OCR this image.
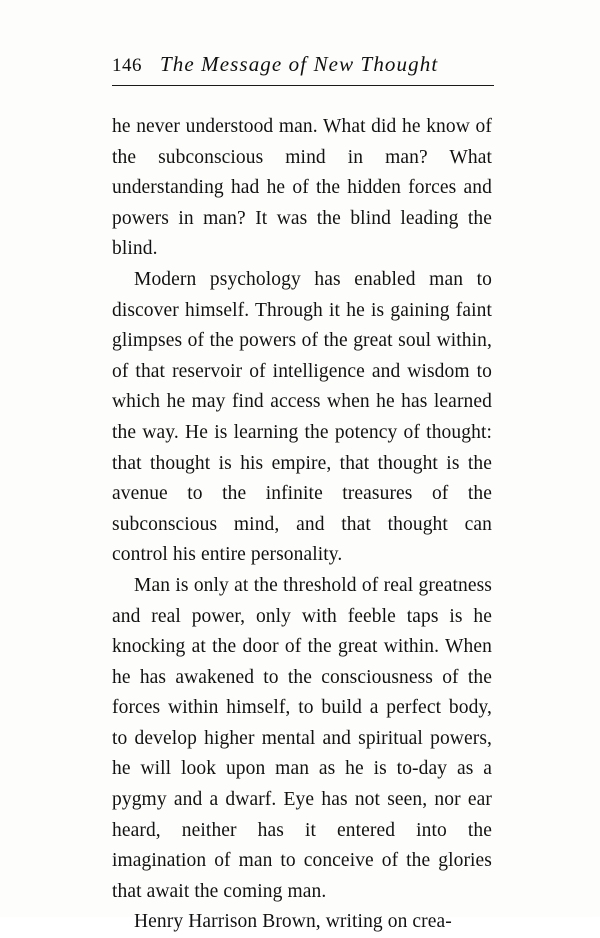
146 The Message of New Thought

he never understood man. What did he know of the subconscious mind in man? What understanding had he of the hidden forces and powers in man? It was the blind leading the blind.

Modern psychology has enabled man to discover himself. Through it he is gaining faint glimpses of the powers of the great soul within, of that reservoir of intelligence and wisdom to which he may find access when he has learned the way. He is learning the potency of thought: that thought is his empire, that thought is the avenue to the infinite treasures of the subconscious mind, and that thought can control his entire personality.

Man is only at the threshold of real greatness and real power, only with feeble taps is he knocking at the door of the great within. When he has awakened to the consciousness of the forces within himself, to build a perfect body, to develop higher mental and spiritual powers, he will look upon man as he is to-day as a pygmy and a dwarf. Eye has not seen, nor ear heard, neither has it entered into the imagination of man to conceive of the glories that await the coming man.

Henry Harrison Brown, writing on crea-
